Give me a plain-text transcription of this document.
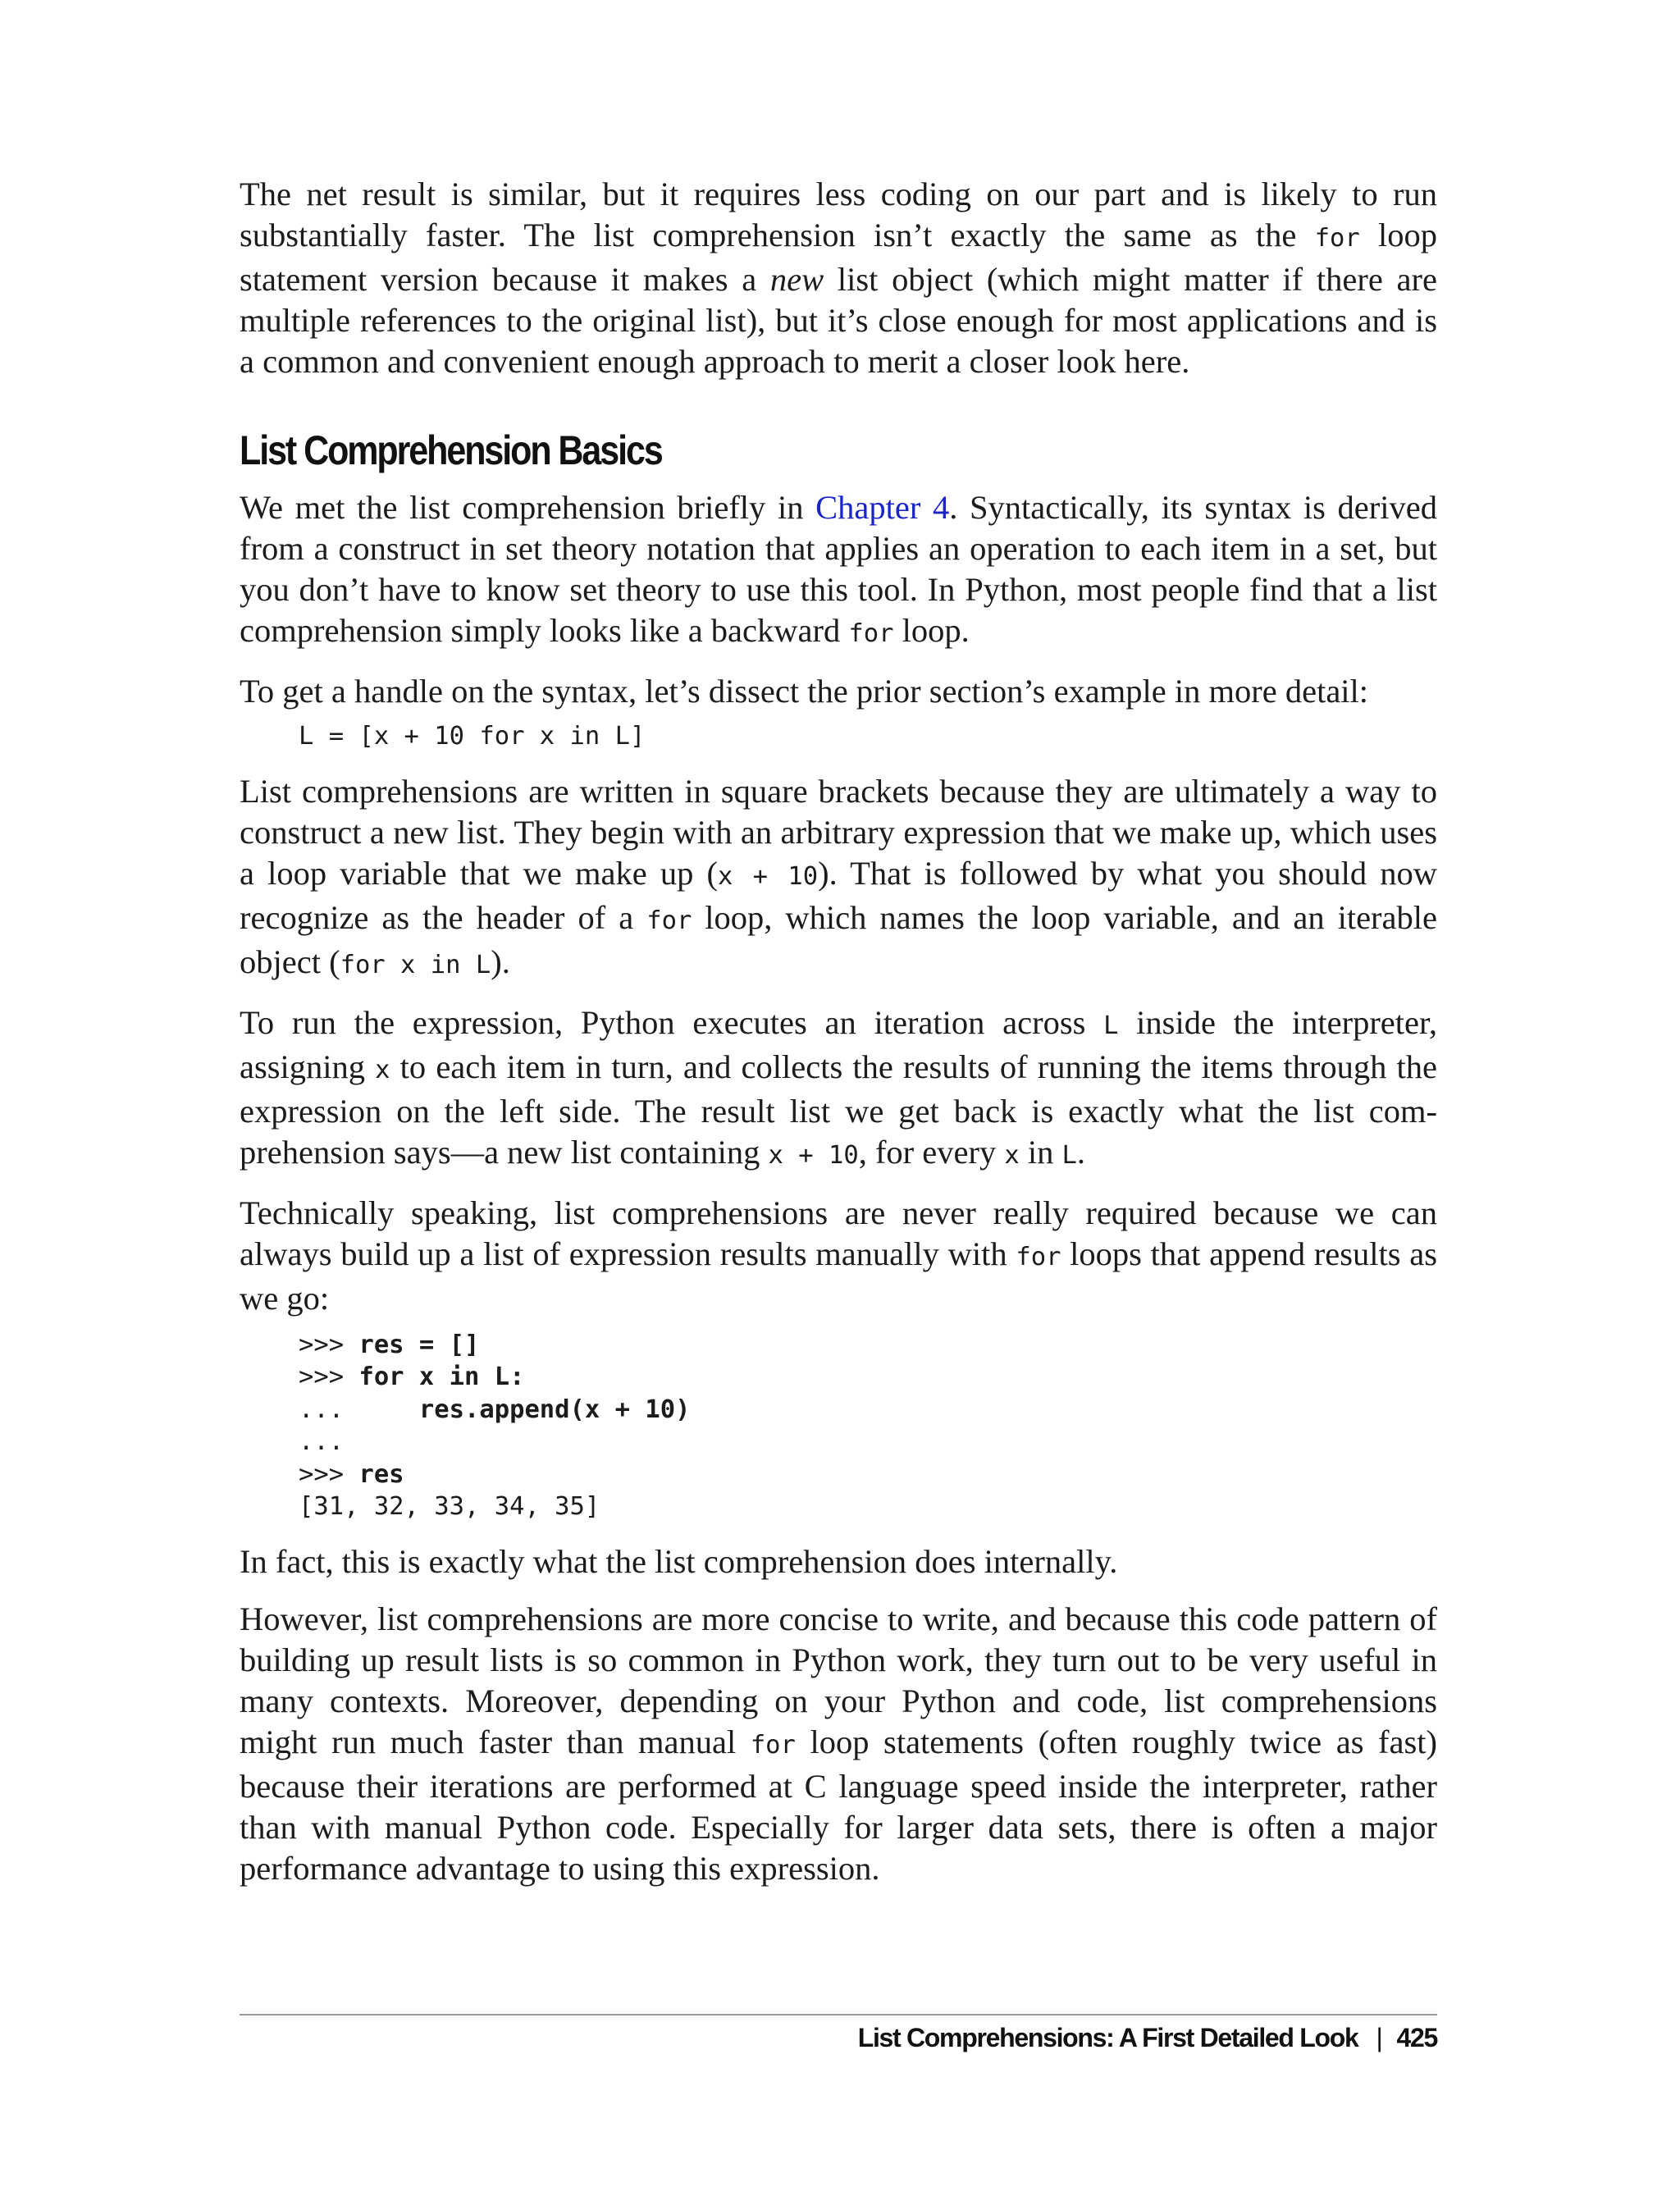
The net result is similar, but it requires less coding on our part and is likely to run substantially faster. The list comprehension isn’t exactly the same as the for loop statement version because it makes a new list object (which might matter if there are multiple references to the original list), but it’s close enough for most applications and is a common and convenient enough approach to merit a closer look here.

List Comprehension Basics

We met the list comprehension briefly in Chapter 4. Syntactically, its syntax is derived from a construct in set theory notation that applies an operation to each item in a set, but you don’t have to know set theory to use this tool. In Python, most people find that a list comprehension simply looks like a backward for loop.

To get a handle on the syntax, let’s dissect the prior section’s example in more detail:

L = [x + 10 for x in L]

List comprehensions are written in square brackets because they are ultimately a way to construct a new list. They begin with an arbitrary expression that we make up, which uses a loop variable that we make up (x + 10). That is followed by what you should now recognize as the header of a for loop, which names the loop variable, and an iterable object (for x in L).

To run the expression, Python executes an iteration across L inside the interpreter, assigning x to each item in turn, and collects the results of running the items through the expression on the left side. The result list we get back is exactly what the list comprehension says—a new list containing x + 10, for every x in L.

Technically speaking, list comprehensions are never really required because we can always build up a list of expression results manually with for loops that append results as we go:

>>> res = []
>>> for x in L:
...     res.append(x + 10)
...
>>> res
[31, 32, 33, 34, 35]

In fact, this is exactly what the list comprehension does internally.

However, list comprehensions are more concise to write, and because this code pattern of building up result lists is so common in Python work, they turn out to be very useful in many contexts. Moreover, depending on your Python and code, list comprehensions might run much faster than manual for loop statements (often roughly twice as fast) because their iterations are performed at C language speed inside the interpreter, rather than with manual Python code. Especially for larger data sets, there is often a major performance advantage to using this expression.

List Comprehensions: A First Detailed Look | 425
